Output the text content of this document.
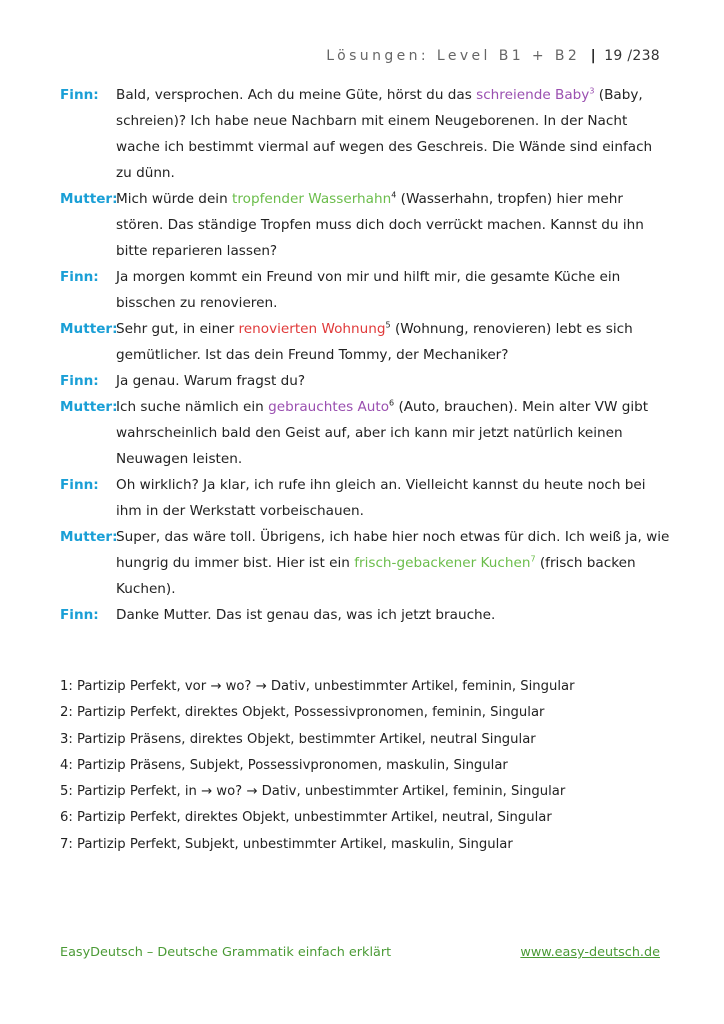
Lösungen: Level B1 + B2 | 19 /238
Finn:	Bald, versprochen. Ach du meine Güte, hörst du das schreiende Baby$^3$ (Baby, schreien)? Ich habe neue Nachbarn mit einem Neugeborenen. In der Nacht wache ich bestimmt viermal auf wegen des Geschreis. Die Wände sind einfach zu dünn.
Mutter:
Mich würde dein tropfender Wasserhahn$^4$ (Wasserhahn, tropfen) hier mehr stören. Das ständige Tropfen muss dich doch verrückt machen. Kannst du ihn bitte reparieren lassen?
Finn:	Ja morgen kommt ein Freund von mir und hilft mir, die gesamte Küche ein bisschen zu renovieren.
Mutter:
Sehr gut, in einer renovierten Wohnung$^5$ (Wohnung, renovieren) lebt es sich gemütlicher. Ist das dein Freund Tommy, der Mechaniker?
Finn:	Ja genau. Warum fragst du?
Mutter:
Ich suche nämlich ein gebrauchtes Auto$^6$ (Auto, brauchen). Mein alter VW gibt wahrscheinlich bald den Geist auf, aber ich kann mir jetzt natürlich keinen Neuwagen leisten.
Finn:	Oh wirklich? Ja klar, ich rufe ihn gleich an. Vielleicht kannst du heute noch bei ihm in der Werkstatt vorbeischauen.
Mutter:
Super, das wäre toll. Übrigens, ich habe hier noch etwas für dich. Ich weiß ja, wie hungrig du immer bist. Hier ist ein frisch-gebackener Kuchen$^7$ (frisch backen Kuchen).
Finn:	Danke Mutter. Das ist genau das, was ich jetzt brauche.
1: Partizip Perfekt, vor → wo? → Dativ, unbestimmter Artikel, feminin, Singular
2: Partizip Perfekt, direktes Objekt, Possessivpronomen, feminin, Singular
3: Partizip Präsens, direktes Objekt, bestimmter Artikel, neutral Singular
4: Partizip Präsens, Subjekt, Possessivpronomen, maskulin, Singular
5: Partizip Perfekt, in → wo? → Dativ, unbestimmter Artikel, feminin, Singular
6: Partizip Perfekt, direktes Objekt, unbestimmter Artikel, neutral, Singular
7: Partizip Perfekt, Subjekt, unbestimmter Artikel, maskulin, Singular
EasyDeutsch – Deutsche Grammatik einfach erklärt	www.easy-deutsch.de
